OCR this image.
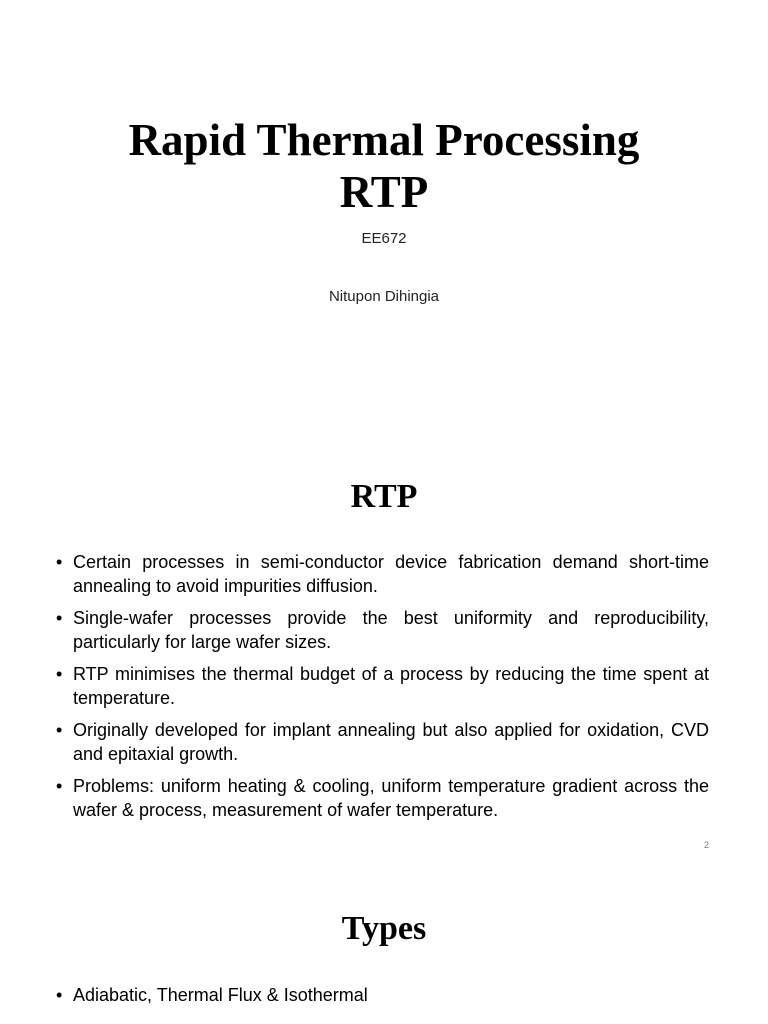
Rapid Thermal Processing
RTP

EE672

Nitupon Dihingia

RTP
• Certain processes in semi-conductor device fabrication demand short-time annealing to avoid impurities diffusion.
• Single-wafer processes provide the best uniformity and reproducibility, particularly for large wafer sizes.
• RTP minimises the thermal budget of a process by reducing the time spent at temperature.
• Originally developed for implant annealing but also applied for oxidation, CVD and epitaxial growth.
• Problems: uniform heating & cooling, uniform temperature gradient across the wafer & process, measurement of wafer temperature.

2

Types
• Adiabatic, Thermal Flux & Isothermal
